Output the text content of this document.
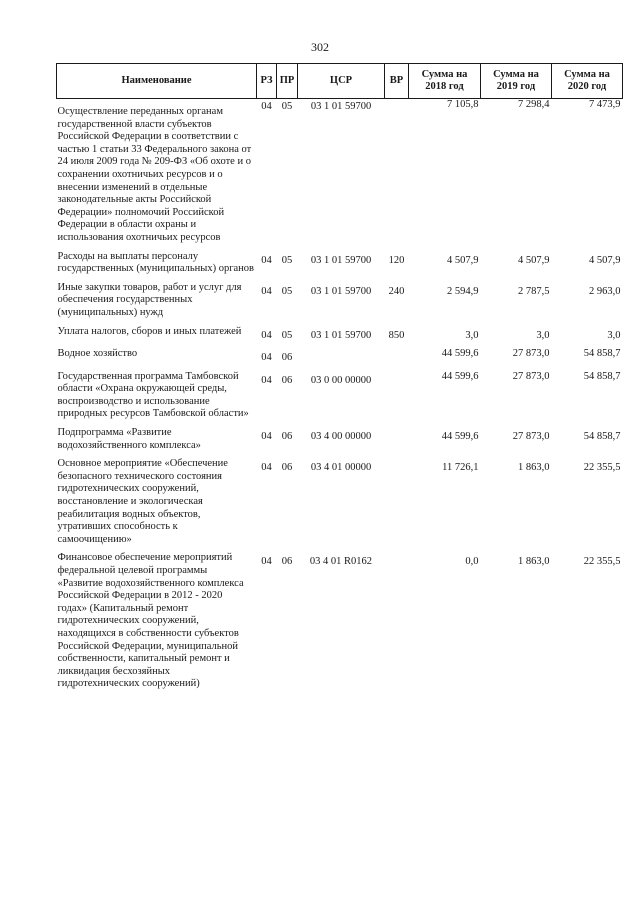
302
Наименование	РЗ	ПР	ЦСР	ВР	Сумма на 2018 год	Сумма на 2019 год	Сумма на 2020 год
Осуществление переданных органам государственной власти субъектов Российской Федерации в соответствии с частью 1 статьи 33 Федерального закона от 24 июля 2009 года № 209-ФЗ «Об охоте и о сохранении охотничьих ресурсов и о внесении изменений в отдельные законодательные акты Российской Федерации» полномочий Российской Федерации в области охраны и использования охотничьих ресурсов	04	05	03 1 01 59700		7 105,8	7 298,4	7 473,9
Расходы на выплаты персоналу государственных (муниципальных) органов	04	05	03 1 01 59700	120	4 507,9	4 507,9	4 507,9
Иные закупки товаров, работ и услуг для обеспечения государственных (муниципальных) нужд	04	05	03 1 01 59700	240	2 594,9	2 787,5	2 963,0
Уплата налогов, сборов и иных платежей	04	05	03 1 01 59700	850	3,0	3,0	3,0
Водное хозяйство	04	06			44 599,6	27 873,0	54 858,7
Государственная программа Тамбовской области «Охрана окружающей среды, воспроизводство и использование природных ресурсов Тамбовской области»	04	06	03 0 00 00000		44 599,6	27 873,0	54 858,7
Подпрограмма «Развитие водохозяйственного комплекса»	04	06	03 4 00 00000		44 599,6	27 873,0	54 858,7
Основное мероприятие «Обеспечение безопасного технического состояния гидротехнических сооружений, восстановление и экологическая реабилитация водных объектов, утративших способность к самоочищению»	04	06	03 4 01 00000		11 726,1	1 863,0	22 355,5
Финансовое обеспечение мероприятий федеральной целевой программы «Развитие водохозяйственного комплекса Российской Федерации в 2012 - 2020 годах» (Капитальный ремонт гидротехнических сооружений, находящихся в собственности субъектов Российской Федерации, муниципальной собственности, капитальный ремонт и ликвидация бесхозяйных гидротехнических сооружений)	04	06	03 4 01 R0162		0,0	1 863,0	22 355,5
